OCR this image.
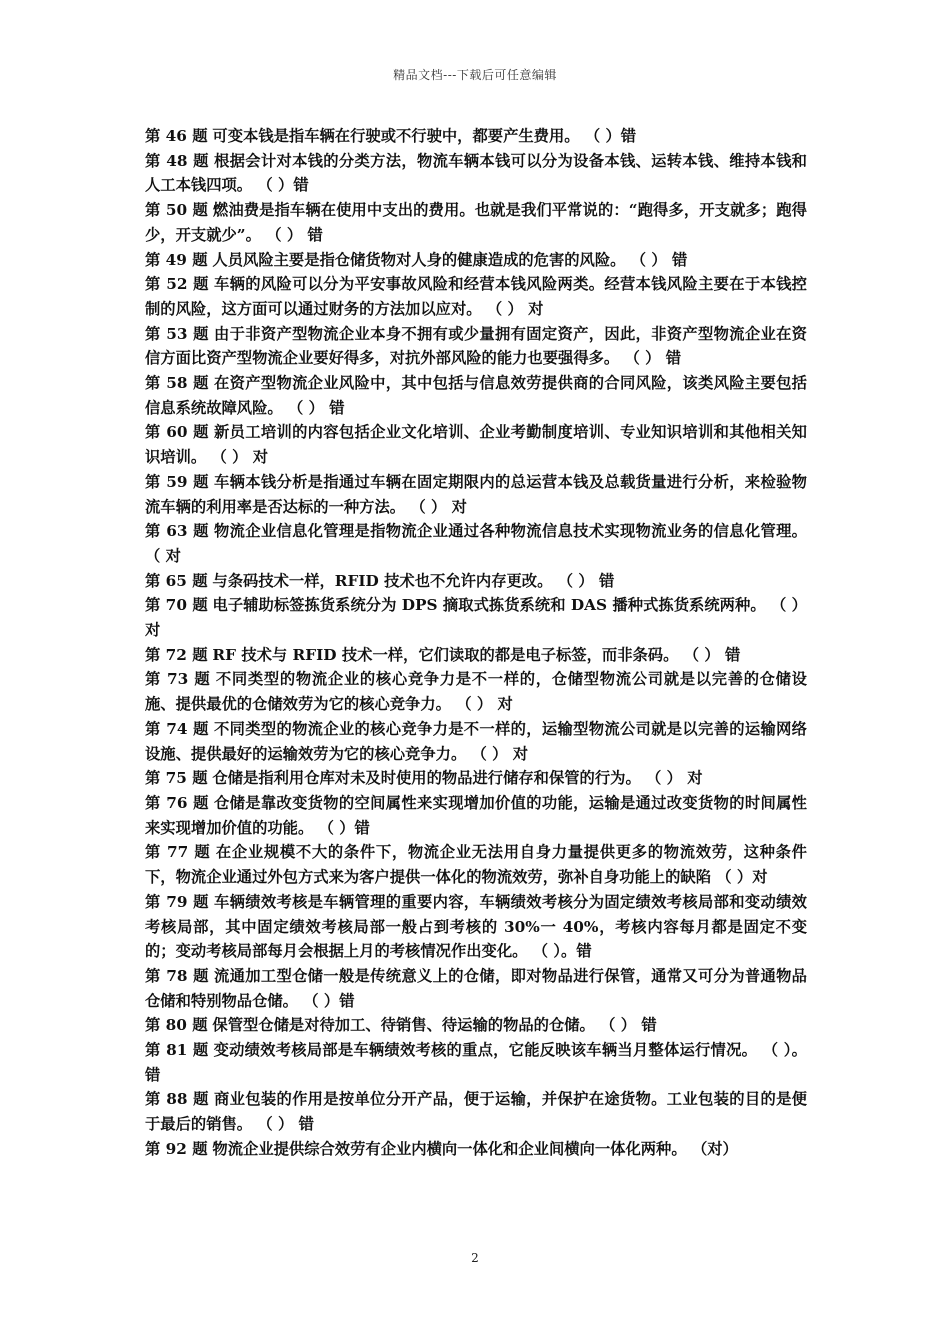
精品文档---下载后可任意编辑

第 46 题 可变本钱是指车辆在行驶或不行驶中，都要产生费用。 （ ）错

第 48 题 根据会计对本钱的分类方法，物流车辆本钱可以分为设备本钱、运转本钱、维持本钱和人工本钱四项。 （ ）错

第 50 题 燃油费是指车辆在使用中支出的费用。也就是我们平常说的：“跑得多，开支就多；跑得少，开支就少”。 （ ） 错

第 49 题 人员风险主要是指仓储货物对人身的健康造成的危害的风险。 （ ） 错

第 52 题 车辆的风险可以分为平安事故风险和经营本钱风险两类。经营本钱风险主要在于本钱控制的风险，这方面可以通过财务的方法加以应对。 （ ） 对

第 53 题 由于非资产型物流企业本身不拥有或少量拥有固定资产，因此，非资产型物流企业在资信方面比资产型物流企业要好得多，对抗外部风险的能力也要强得多。 （ ） 错

第 58 题 在资产型物流企业风险中，其中包括与信息效劳提供商的合同风险，该类风险主要包括信息系统故障风险。 （ ） 错

第 60 题 新员工培训的内容包括企业文化培训、企业考勤制度培训、专业知识培训和其他相关知识培训。 （ ） 对

第 59 题 车辆本钱分析是指通过车辆在固定期限内的总运营本钱及总载货量进行分析，来检验物流车辆的利用率是否达标的一种方法。 （ ） 对

第 63 题 物流企业信息化管理是指物流企业通过各种物流信息技术实现物流业务的信息化管理。 （ 对

第 65 题 与条码技术一样，RFID 技术也不允许内存更改。 （ ） 错

第 70 题 电子辅助标签拣货系统分为 DPS 摘取式拣货系统和 DAS 播种式拣货系统两种。 （ ） 对

第 72 题 RF 技术与 RFID 技术一样，它们读取的都是电子标签，而非条码。 （ ） 错

第 73 题 不同类型的物流企业的核心竞争力是不一样的，仓储型物流公司就是以完善的仓储设施、提供最优的仓储效劳为它的核心竞争力。 （ ） 对

第 74 题 不同类型的物流企业的核心竞争力是不一样的，运输型物流公司就是以完善的运输网络设施、提供最好的运输效劳为它的核心竞争力。 （ ） 对

第 75 题 仓储是指利用仓库对未及时使用的物品进行储存和保管的行为。 （ ） 对

第 76 题 仓储是靠改变货物的空间属性来实现增加价值的功能，运输是通过改变货物的时间属性来实现增加价值的功能。 （ ）错

第 77 题 在企业规模不大的条件下，物流企业无法用自身力量提供更多的物流效劳，这种条件下，物流企业通过外包方式来为客户提供一体化的物流效劳，弥补自身功能上的缺陷 （ ）对

第 79 题 车辆绩效考核是车辆管理的重要内容，车辆绩效考核分为固定绩效考核局部和变动绩效考核局部，其中固定绩效考核局部一般占到考核的 30%一 40%，考核内容每月都是固定不变的；变动考核局部每月会根据上月的考核情况作出变化。 （ ）。错

第 78 题 流通加工型仓储一般是传统意义上的仓储，即对物品进行保管，通常又可分为普通物品仓储和特别物品仓储。 （ ）错

第 80 题 保管型仓储是对待加工、待销售、待运输的物品的仓储。 （ ） 错

第 81 题 变动绩效考核局部是车辆绩效考核的重点，它能反映该车辆当月整体运行情况。 （ ）。 错

第 88 题 商业包装的作用是按单位分开产品，便于运输，并保护在途货物。工业包装的目的是便于最后的销售。 （ ） 错

第 92 题 物流企业提供综合效劳有企业内横向一体化和企业间横向一体化两种。 （对）

2
